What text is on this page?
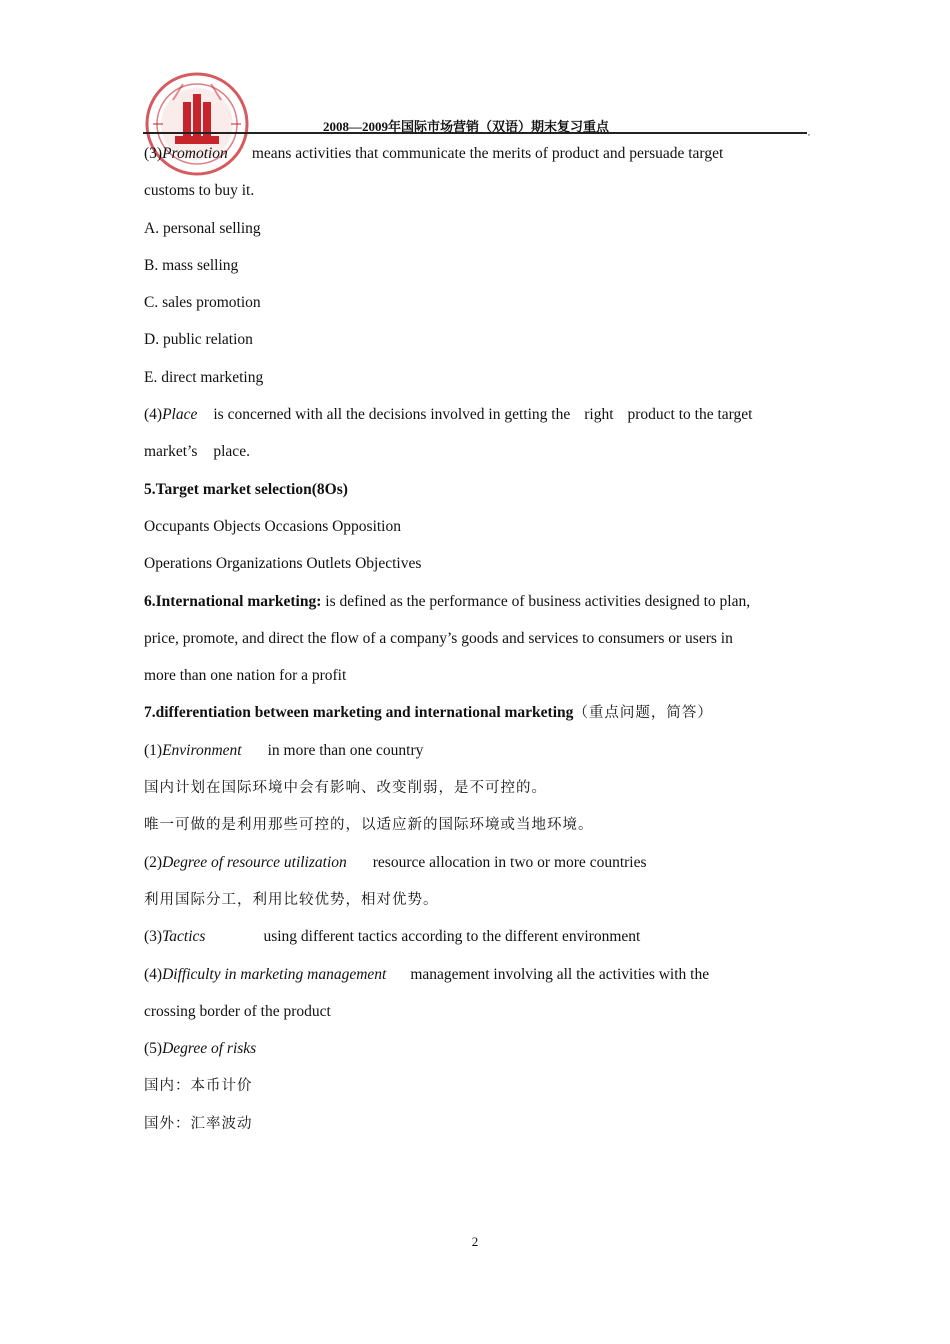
2008—2009年国际市场营销（双语）期末复习重点	,
(3)Promotion means activities that communicate the merits of product and persuade target
customs to buy it.
A. personal selling
B. mass selling
C. sales promotion
D. public relation
E. direct marketing
(4)Place is concerned with all the decisions involved in getting the right product to the target
market’s place.
5.Target market selection(8Os)
Occupants Objects Occasions Opposition
Operations Organizations Outlets Objectives
6.International marketing: is defined as the performance of business activities designed to plan,
price, promote, and direct the flow of a company’s goods and services to consumers or users in
more than one nation for a profit
7.differentiation between marketing and international marketing（重点问题，简答）
(1)Environment in more than one country
国内计划在国际环境中会有影响、改变削弱，是不可控的。
唯一可做的是利用那些可控的，以适应新的国际环境或当地环境。
(2)Degree of resource utilization resource allocation in two or more countries
利用国际分工，利用比较优势，相对优势。
(3)Tactics	using different tactics according to the different environment
(4)Difficulty in marketing management management involving all the activities with the
crossing border of the product
(5)Degree of risks
国内：本币计价
国外：汇率波动
2
